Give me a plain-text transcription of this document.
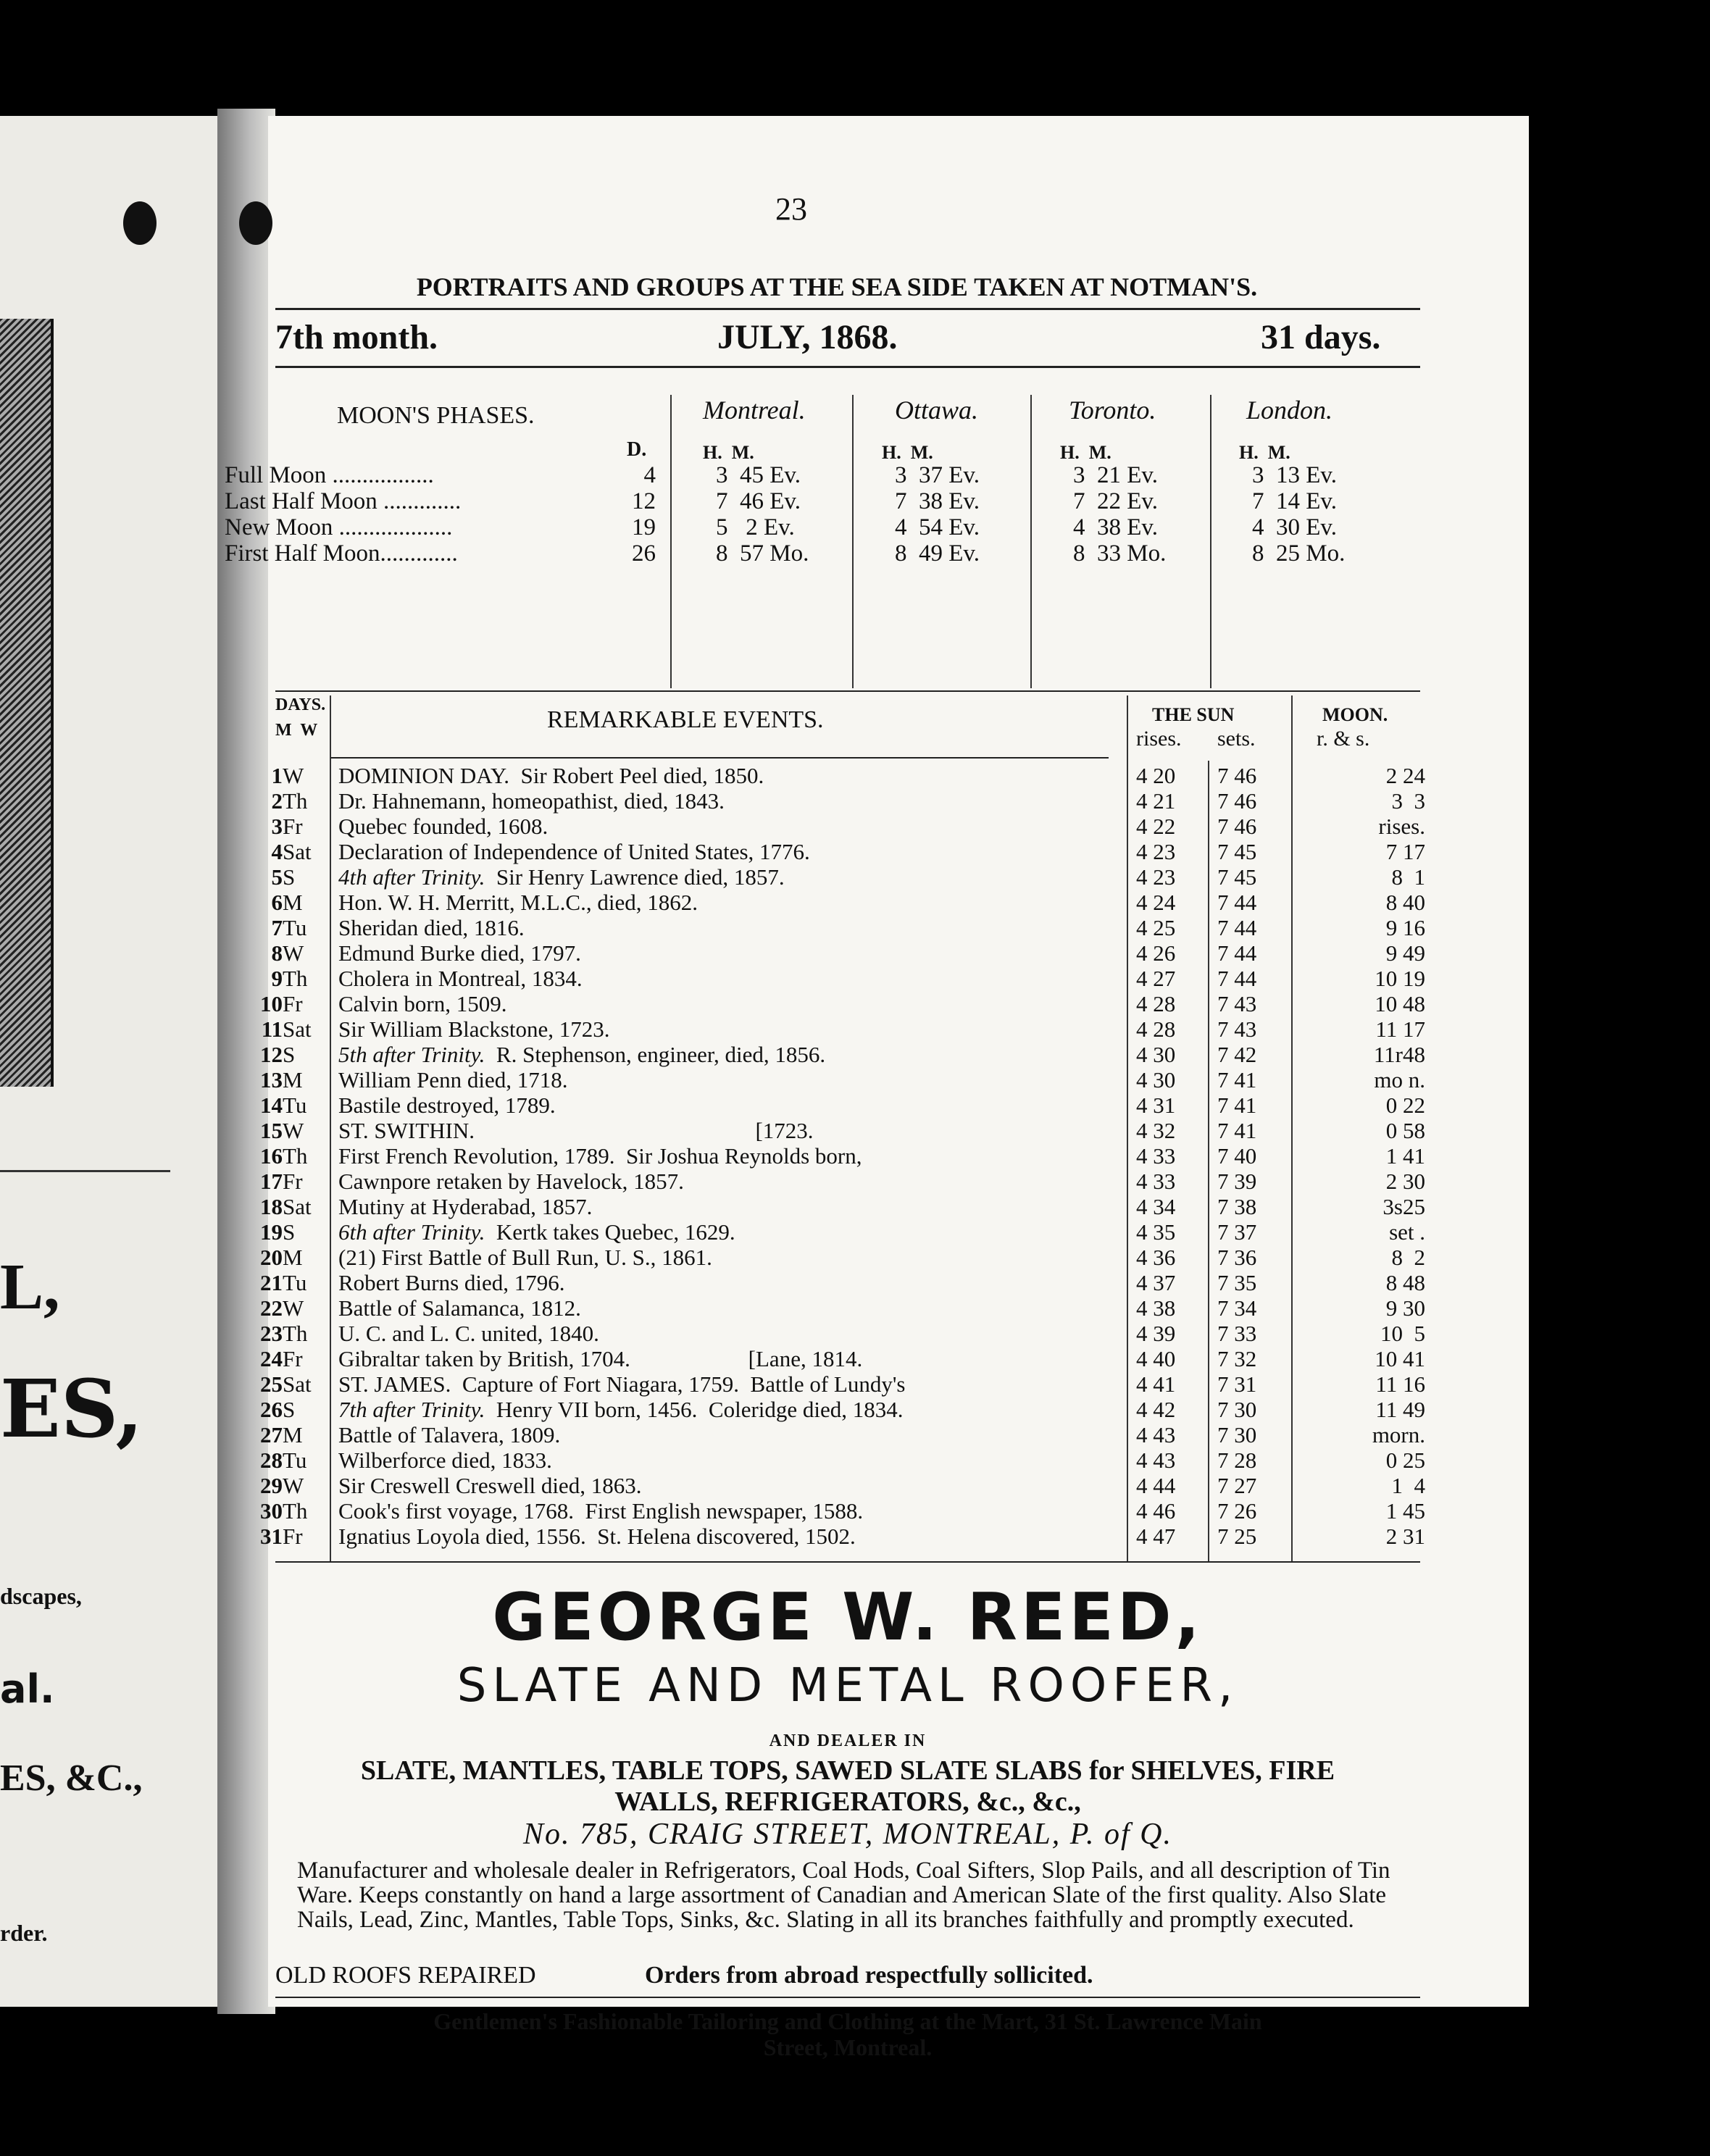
L,
ES,
dscapes,
al.
ES, &C.,
rder.
23
PORTRAITS AND GROUPS AT THE SEA SIDE TAKEN AT NOTMAN'S.
7th month.	JULY, 1868.	31 days.
MOON'S PHASES.
D.
Montreal.	Ottawa.	Toronto.	London.
H.  M.	H.  M.	H.  M.	H.  M.
Full Moon .................	4	3  45 Ev.	3  37 Ev.	3  21 Ev.	3  13 Ev.
Last Half Moon .............	12	7  46 Ev.	7  38 Ev.	7  22 Ev.	7  14 Ev.
New Moon ...................	19	5   2 Ev.	4  54 Ev.	4  38 Ev.	4  30 Ev.
First Half Moon.............	26	8  57 Mo.	8  49 Ev.	8  33 Mo.	8  25 Mo.
DAYS.
M  W	REMARKABLE EVENTS.	THE SUN
rises. sets.
MOON.
r. & s.
1 W DOMINION DAY.  Sir Robert Peel died, 1850.	4 20 7 46	2 24
2 Th Dr. Hahnemann, homeopathist, died, 1843.	4 21 7 46	3  3
3 Fr Quebec founded, 1608.	4 22 7 46	rises.
4 Sat Declaration of Independence of United States, 1776.	4 23 7 45	7 17
5 S 4th after Trinity.  Sir Henry Lawrence died, 1857.	4 23 7 45	8  1
6 M Hon. W. H. Merritt, M.L.C., died, 1862.	4 24 7 44	8 40
7 Tu Sheridan died, 1816.	4 25 7 44	9 16
8 W Edmund Burke died, 1797.	4 26 7 44	9 49
9 Th Cholera in Montreal, 1834.	4 27 7 44	10 19
10 Fr Calvin born, 1509.	4 28 7 43	10 48
11 Sat Sir William Blackstone, 1723.	4 28 7 43	11 17
12 S 5th after Trinity.  R. Stephenson, engineer, died, 1856.	4 30 7 42	11r48
13 M William Penn died, 1718.	4 30 7 41	mo n.
14 Tu Bastile destroyed, 1789.	4 31 7 41	0 22
15 W ST. SWITHIN.                                                  [1723.	4 32 7 41	0 58
16 Th First French Revolution, 1789.  Sir Joshua Reynolds born,	4 33 7 40	1 41
17 Fr Cawnpore retaken by Havelock, 1857.	4 33 7 39	2 30
18 Sat Mutiny at Hyderabad, 1857.	4 34 7 38	3s25
19 S 6th after Trinity.  Kertk takes Quebec, 1629.	4 35 7 37	set .
20 M (21) First Battle of Bull Run, U. S., 1861.	4 36 7 36	8  2
21 Tu Robert Burns died, 1796.	4 37 7 35	8 48
22 W Battle of Salamanca, 1812.	4 38 7 34	9 30
23 Th U. C. and L. C. united, 1840.	4 39 7 33	10  5
24 Fr Gibraltar taken by British, 1704.                     [Lane, 1814.	4 40 7 32	10 41
25 Sat ST. JAMES.  Capture of Fort Niagara, 1759.  Battle of Lundy's	4 41 7 31	11 16
26 S 7th after Trinity.  Henry VII born, 1456.  Coleridge died, 1834.	4 42 7 30	11 49
27 M Battle of Talavera, 1809.	4 43 7 30	morn.
28 Tu Wilberforce died, 1833.	4 43 7 28	0 25
29 W Sir Creswell Creswell died, 1863.	4 44 7 27	1  4
30 Th Cook's first voyage, 1768.  First English newspaper, 1588.	4 46 7 26	1 45
31 Fr Ignatius Loyola died, 1556.  St. Helena discovered, 1502.	4 47 7 25	2 31
GEORGE W. REED,
SLATE AND METAL ROOFER,
AND DEALER IN
SLATE, MANTLES, TABLE TOPS, SAWED SLATE SLABS for SHELVES, FIRE
WALLS, REFRIGERATORS, &c., &c.,
No. 785, CRAIG STREET, MONTREAL, P. of Q.
Manufacturer and wholesale dealer in Refrigerators, Coal Hods, Coal Sifters, Slop Pails, and all description of Tin Ware. Keeps constantly on hand a large assortment of Canadian and American Slate of the first quality. Also Slate Nails, Lead, Zinc, Mantles, Table Tops, Sinks, &c. Slating in all its branches faithfully and promptly executed.
OLD ROOFS REPAIRED	Orders from abroad respectfully sollicited.
Gentlemen's Fashionable Tailoring and Clothing at the Mart, 31 St. Lawrence Main
Street, Montreal.
